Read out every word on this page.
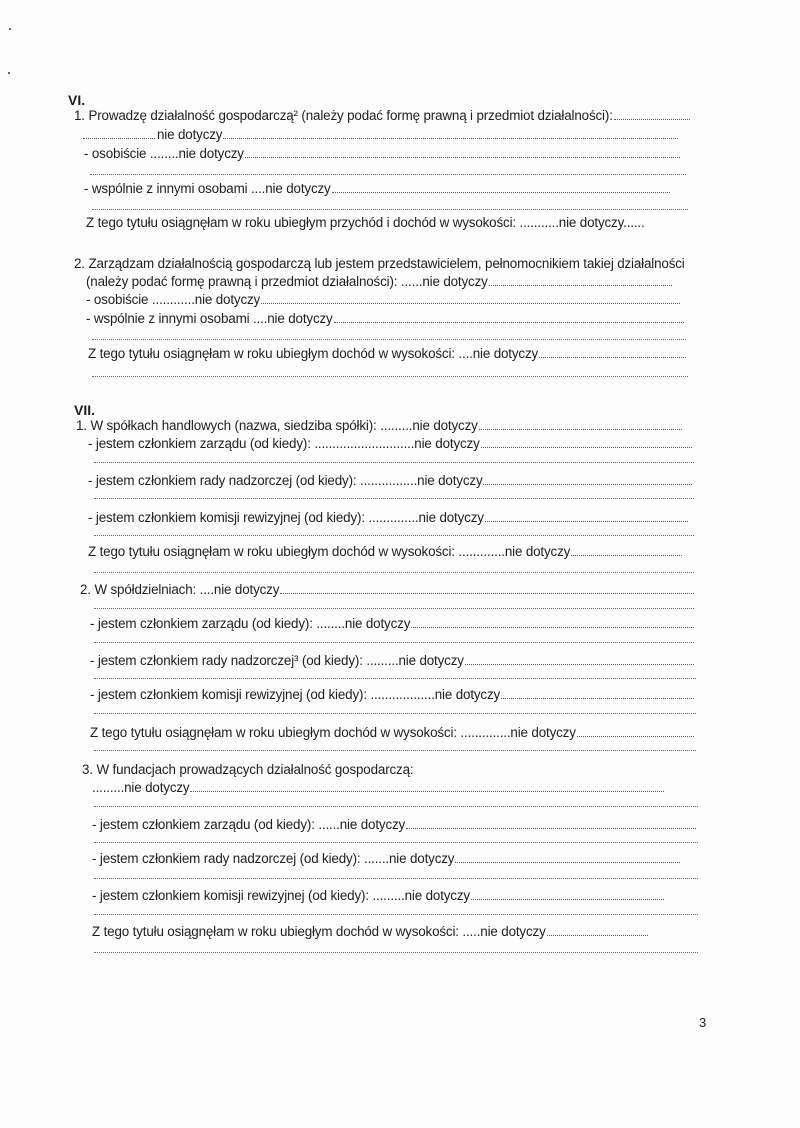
VI.
1. Prowadzę działalność gospodarczą² (należy podać formę prawną i przedmiot działalności):
nie dotyczy
- osobiście ........nie dotyczy
- wspólnie z innymi osobami ....nie dotyczy
Z tego tytułu osiągnęłam w roku ubiegłym przychód i dochód w wysokości: ...........nie dotyczy......
2. Zarządzam działalnością gospodarczą lub jestem przedstawicielem, pełnomocnikiem takiej działalności
(należy podać formę prawną i przedmiot działalności): ......nie dotyczy
- osobiście ............nie dotyczy
- wspólnie z innymi osobami ....nie dotyczy
Z tego tytułu osiągnęłam w roku ubiegłym dochód w wysokości: ....nie dotyczy
VII.
1. W spółkach handlowych (nazwa, siedziba spółki): .........nie dotyczy
- jestem członkiem zarządu (od kiedy): ............................nie dotyczy
- jestem członkiem rady nadzorczej (od kiedy): ................nie dotyczy
- jestem członkiem komisji rewizyjnej (od kiedy): ..............nie dotyczy
Z tego tytułu osiągnęłam w roku ubiegłym dochód w wysokości: .............nie dotyczy
2. W spółdzielniach: ....nie dotyczy
- jestem członkiem zarządu (od kiedy): ........nie dotyczy
- jestem członkiem rady nadzorczej³ (od kiedy): .........nie dotyczy
- jestem członkiem komisji rewizyjnej (od kiedy): ..................nie dotyczy
Z tego tytułu osiągnęłam w roku ubiegłym dochód w wysokości: ..............nie dotyczy
3. W fundacjach prowadzących działalność gospodarczą:
.........nie dotyczy
- jestem członkiem zarządu (od kiedy): ......nie dotyczy
- jestem członkiem rady nadzorczej (od kiedy): .......nie dotyczy
- jestem członkiem komisji rewizyjnej (od kiedy): .........nie dotyczy
Z tego tytułu osiągnęłam w roku ubiegłym dochód w wysokości: .....nie dotyczy
3
